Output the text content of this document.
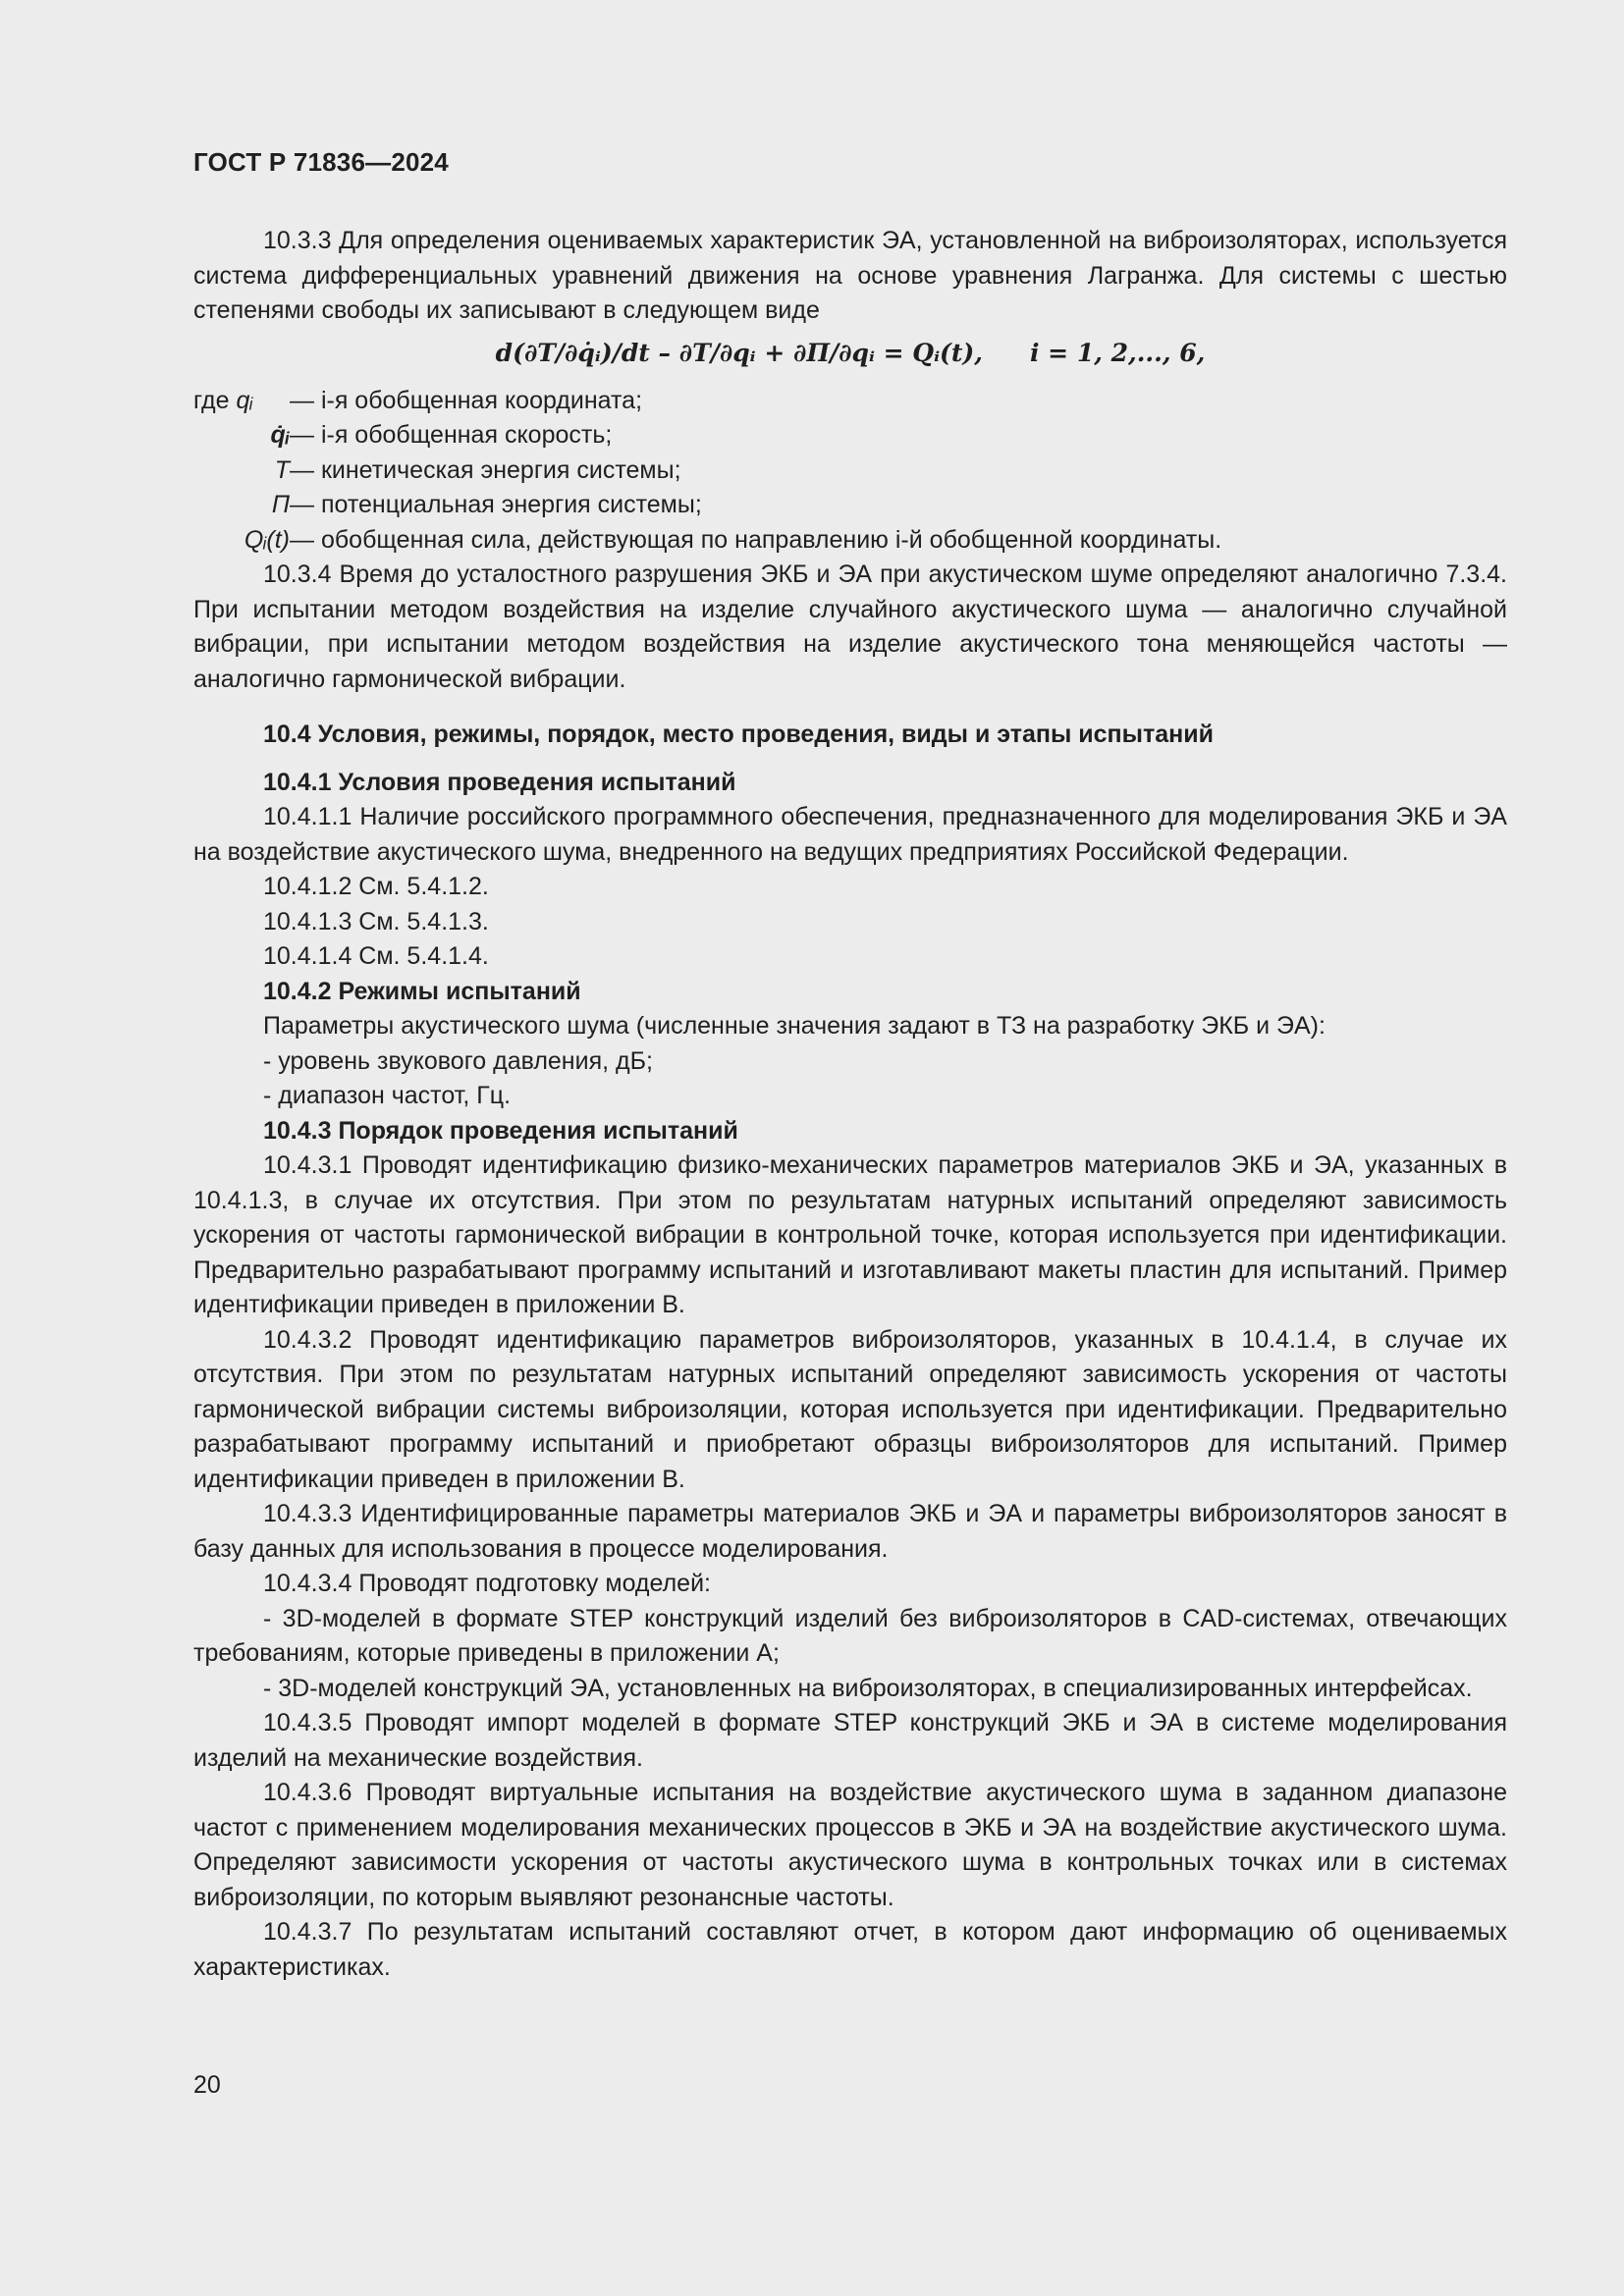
ГОСТ Р 71836—2024

10.3.3 Для определения оцениваемых характеристик ЭА, установленной на виброизоляторах, используется система дифференциальных уравнений движения на основе уравнения Лагранжа. Для системы с шестью степенями свободы их записывают в следующем виде

d(∂T/∂q̇ᵢ)/dt – ∂T/∂qᵢ + ∂П/∂qᵢ = Qᵢ(t), i = 1, 2,..., 6,
где qᵢ	— i-я обобщенная координата;
q̇ᵢ — i-я обобщенная скорость;
T — кинетическая энергия системы;
П — потенциальная энергия системы;
Qᵢ(t) — обобщенная сила, действующая по направлению i-й обобщенной координаты.

10.3.4 Время до усталостного разрушения ЭКБ и ЭА при акустическом шуме определяют аналогично 7.3.4. При испытании методом воздействия на изделие случайного акустического шума — аналогично случайной вибрации, при испытании методом воздействия на изделие акустического тона меняющейся частоты — аналогично гармонической вибрации.

10.4 Условия, режимы, порядок, место проведения, виды и этапы испытаний

10.4.1 Условия проведения испытаний

10.4.1.1 Наличие российского программного обеспечения, предназначенного для моделирования ЭКБ и ЭА на воздействие акустического шума, внедренного на ведущих предприятиях Российской Федерации.

10.4.1.2 См. 5.4.1.2.

10.4.1.3 См. 5.4.1.3.

10.4.1.4 См. 5.4.1.4.

10.4.2 Режимы испытаний

Параметры акустического шума (численные значения задают в ТЗ на разработку ЭКБ и ЭА):

- уровень звукового давления, дБ;

- диапазон частот, Гц.

10.4.3 Порядок проведения испытаний

10.4.3.1 Проводят идентификацию физико-механических параметров материалов ЭКБ и ЭА, указанных в 10.4.1.3, в случае их отсутствия. При этом по результатам натурных испытаний определяют зависимость ускорения от частоты гармонической вибрации в контрольной точке, которая используется при идентификации. Предварительно разрабатывают программу испытаний и изготавливают макеты пластин для испытаний. Пример идентификации приведен в приложении В.

10.4.3.2 Проводят идентификацию параметров виброизоляторов, указанных в 10.4.1.4, в случае их отсутствия. При этом по результатам натурных испытаний определяют зависимость ускорения от частоты гармонической вибрации системы виброизоляции, которая используется при идентификации. Предварительно разрабатывают программу испытаний и приобретают образцы виброизоляторов для испытаний. Пример идентификации приведен в приложении В.

10.4.3.3 Идентифицированные параметры материалов ЭКБ и ЭА и параметры виброизоляторов заносят в базу данных для использования в процессе моделирования.

10.4.3.4 Проводят подготовку моделей:

- 3D-моделей в формате STEP конструкций изделий без виброизоляторов в CAD-системах, отвечающих требованиям, которые приведены в приложении А;

- 3D-моделей конструкций ЭА, установленных на виброизоляторах, в специализированных интерфейсах.

10.4.3.5 Проводят импорт моделей в формате STEP конструкций ЭКБ и ЭА в системе моделирования изделий на механические воздействия.

10.4.3.6 Проводят виртуальные испытания на воздействие акустического шума в заданном диапазоне частот с применением моделирования механических процессов в ЭКБ и ЭА на воздействие акустического шума. Определяют зависимости ускорения от частоты акустического шума в контрольных точках или в системах виброизоляции, по которым выявляют резонансные частоты.

10.4.3.7 По результатам испытаний составляют отчет, в котором дают информацию об оцениваемых характеристиках.

20
